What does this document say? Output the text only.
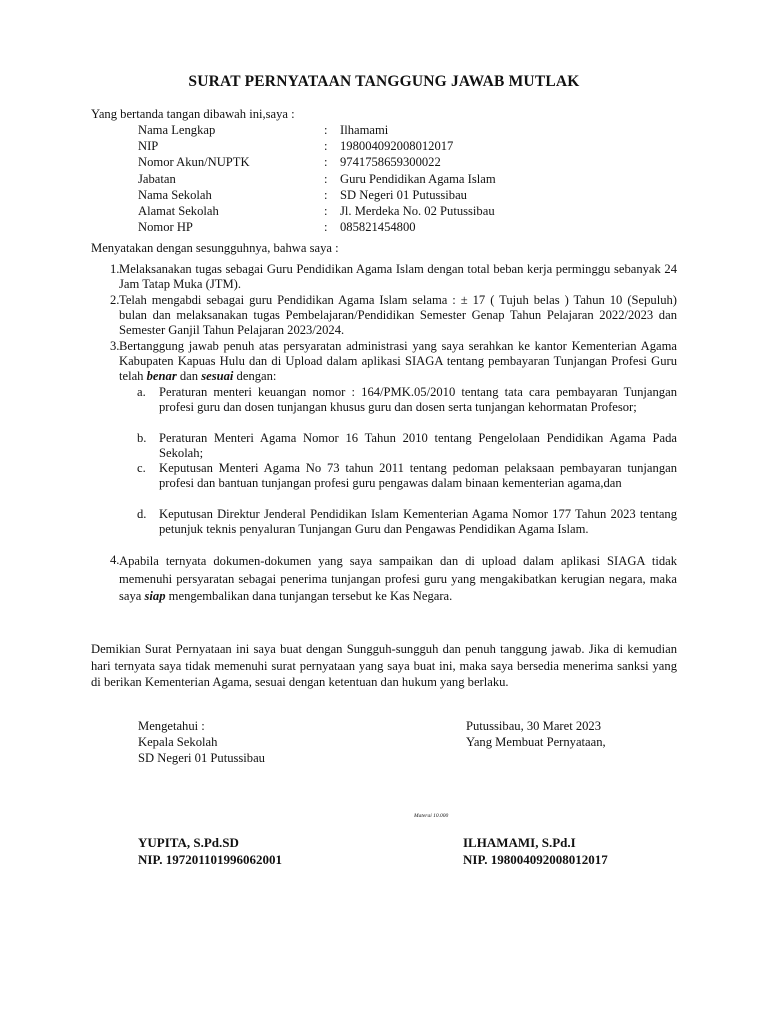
SURAT PERNYATAAN TANGGUNG JAWAB MUTLAK
Yang bertanda tangan dibawah ini,saya :
Nama Lengkap	:	Ilhamami
NIP	:	198004092008012017
Nomor Akun/NUPTK	:	9741758659300022
Jabatan	:	Guru Pendidikan Agama Islam
Nama Sekolah	:	SD Negeri 01 Putussibau
Alamat Sekolah	:	Jl. Merdeka No. 02 Putussibau
Nomor HP	:	085821454800
Menyatakan dengan sesungguhnya, bahwa saya :
1. Melaksanakan tugas sebagai Guru Pendidikan Agama Islam dengan total beban kerja perminggu sebanyak 24 Jam Tatap Muka (JTM).
2. Telah mengabdi sebagai guru Pendidikan Agama Islam selama : ± 17 ( Tujuh belas ) Tahun 10 (Sepuluh) bulan dan melaksanakan tugas Pembelajaran/Pendidikan Semester Genap Tahun Pelajaran 2022/2023 dan Semester Ganjil Tahun Pelajaran 2023/2024.
3. Bertanggung jawab penuh atas persyaratan administrasi yang saya serahkan ke kantor Kementerian Agama Kabupaten Kapuas Hulu dan di Upload dalam aplikasi SIAGA tentang pembayaran Tunjangan Profesi Guru telah benar dan sesuai dengan:
a. Peraturan menteri keuangan nomor : 164/PMK.05/2010 tentang tata cara pembayaran Tunjangan profesi guru dan dosen tunjangan khusus guru dan dosen serta tunjangan kehormatan Profesor;
b. Peraturan Menteri Agama Nomor 16 Tahun 2010 tentang Pengelolaan Pendidikan Agama Pada Sekolah;
c. Keputusan Menteri Agama No 73 tahun 2011 tentang pedoman pelaksaan pembayaran tunjangan profesi dan bantuan tunjangan profesi guru pengawas dalam binaan kementerian agama,dan
d. Keputusan Direktur Jenderal Pendidikan Islam Kementerian Agama Nomor 177 Tahun 2023 tentang petunjuk teknis penyaluran Tunjangan Guru dan Pengawas Pendidikan Agama Islam.
4. Apabila ternyata dokumen-dokumen yang saya sampaikan dan di upload dalam aplikasi SIAGA tidak memenuhi persyaratan sebagai penerima tunjangan profesi guru yang mengakibatkan kerugian negara, maka saya siap mengembalikan dana tunjangan tersebut ke Kas Negara.
Demikian Surat Pernyataan ini saya buat dengan Sungguh-sungguh dan penuh tanggung jawab. Jika di kemudian hari ternyata saya tidak memenuhi surat pernyataan yang saya buat ini, maka saya bersedia menerima sanksi yang di berikan Kementerian Agama, sesuai dengan ketentuan dan hukum yang berlaku.
Mengetahui :
Kepala Sekolah
SD Negeri 01 Putussibau
Putussibau, 30 Maret 2023
Yang Membuat Pernyataan,
Materai 10.000
YUPITA, S.Pd.SD
NIP. 197201101996062001
ILHAMAMI, S.Pd.I
NIP. 198004092008012017
